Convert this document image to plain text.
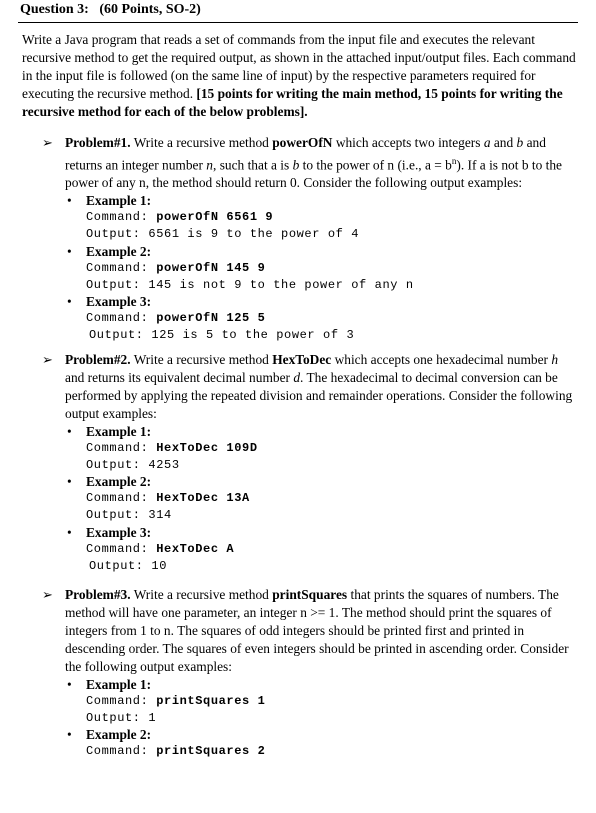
Question 3: (60 Points, SO-2)

Write a Java program that reads a set of commands from the input file and executes the relevant recursive method to get the required output, as shown in the attached input/output files. Each command in the input file is followed (on the same line of input) by the respective parameters required for executing the recursive method. [15 points for writing the main method, 15 points for writing the recursive method for each of the below problems].

➢ Problem#1. Write a recursive method powerOfN which accepts two integers a and b and returns an integer number n, such that a is b to the power of n (i.e., $a = b^n$). If a is not b to the power of any n, the method should return 0. Consider the following output examples:

• Example 1:
Command: powerOfN 6561 9
Output: 6561 is 9 to the power of 4
• Example 2:
Command: powerOfN 145 9
Output: 145 is not 9 to the power of any n
• Example 3:
Command: powerOfN 125 5
Output: 125 is 5 to the power of 3
➢ Problem#2. Write a recursive method HexToDec which accepts one hexadecimal number h and returns its equivalent decimal number d. The hexadecimal to decimal conversion can be performed by applying the repeated division and remainder operations. Consider the following output examples:

• Example 1:
Command: HexToDec 109D
Output: 4253
• Example 2:
Command: HexToDec 13A
Output: 314
• Example 3:
Command: HexToDec A
Output: 10
➢ Problem#3. Write a recursive method printSquares that prints the squares of numbers. The method will have one parameter, an integer n >= 1. The method should print the squares of integers from 1 to n. The squares of odd integers should be printed first and printed in descending order. The squares of even integers should be printed in ascending order. Consider the following output examples:

• Example 1:
Command: printSquares 1
Output: 1
• Example 2:
Command: printSquares 2
